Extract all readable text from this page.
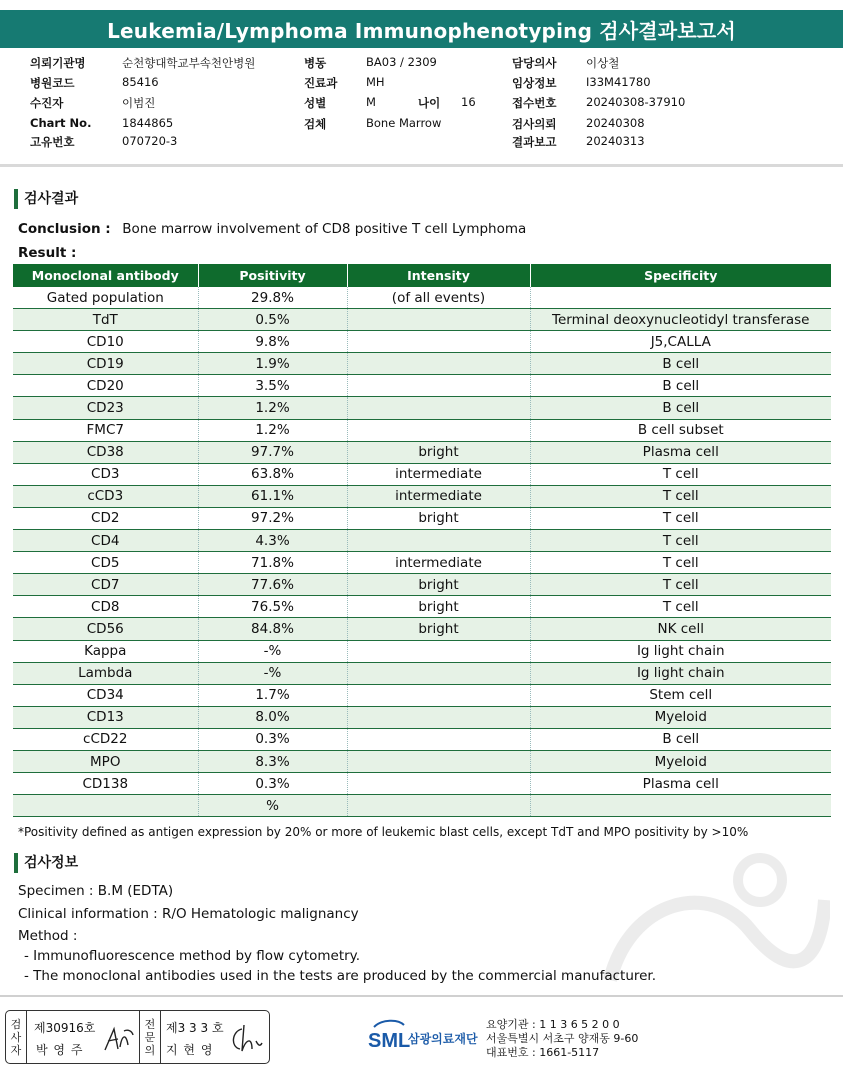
Leukemia/Lymphoma Immunophenotyping 검사결과보고서
의뢰기관명	순천향대학교부속천안병원	병동	BA03 / 2309	담당의사	이상철
병원코드	85416	진료과 MH	임상정보	I33M41780
수진자	이범진	성별	M	나이 16	접수번호	20240308-37910
Chart No.	1844865	검체	Bone Marrow	검사의뢰	20240308
고유번호	070720-3	결과보고	20240313
검사결과
Conclusion : Bone marrow involvement of CD8 positive T cell Lymphoma
Result :
Monoclonal antibody	Positivity	Intensity	Specificity
Gated population	29.8%	(of all events)	
TdT	0.5%		Terminal deoxynucleotidyl transferase
CD10	9.8%		J5,CALLA
CD19	1.9%		B cell
CD20	3.5%		B cell
CD23	1.2%		B cell
FMC7	1.2%		B cell subset
CD38	97.7%	bright	Plasma cell
CD3	63.8%	intermediate	T cell
cCD3	61.1%	intermediate	T cell
CD2	97.2%	bright	T cell
CD4	4.3%		T cell
CD5	71.8%	intermediate	T cell
CD7	77.6%	bright	T cell
CD8	76.5%	bright	T cell
CD56	84.8%	bright	NK cell
Kappa	-%		Ig light chain
Lambda	-%		Ig light chain
CD34	1.7%		Stem cell
CD13	8.0%		Myeloid
cCD22	0.3%		B cell
MPO	8.3%		Myeloid
CD138	0.3%		Plasma cell
	%		
*Positivity defined as antigen expression by 20% or more of leukemic blast cells, except TdT and MPO positivity by >10%
검사정보
Specimen : B.M (EDTA)
Clinical information : R/O Hematologic malignancy
Method :
- Immunofluorescence method by flow cytometry.
- The monoclonal antibodies used in the tests are produced by the commercial manufacturer.
검
사
자
제30916호
박 영 주
전
문
의
제3 3 3 호
지 현 영	SML
삼광의료재단
요양기관 : 1 1 3 6 5 2 0 0
서울특별시 서초구 양재동 9-60
대표번호 : 1661-5117
